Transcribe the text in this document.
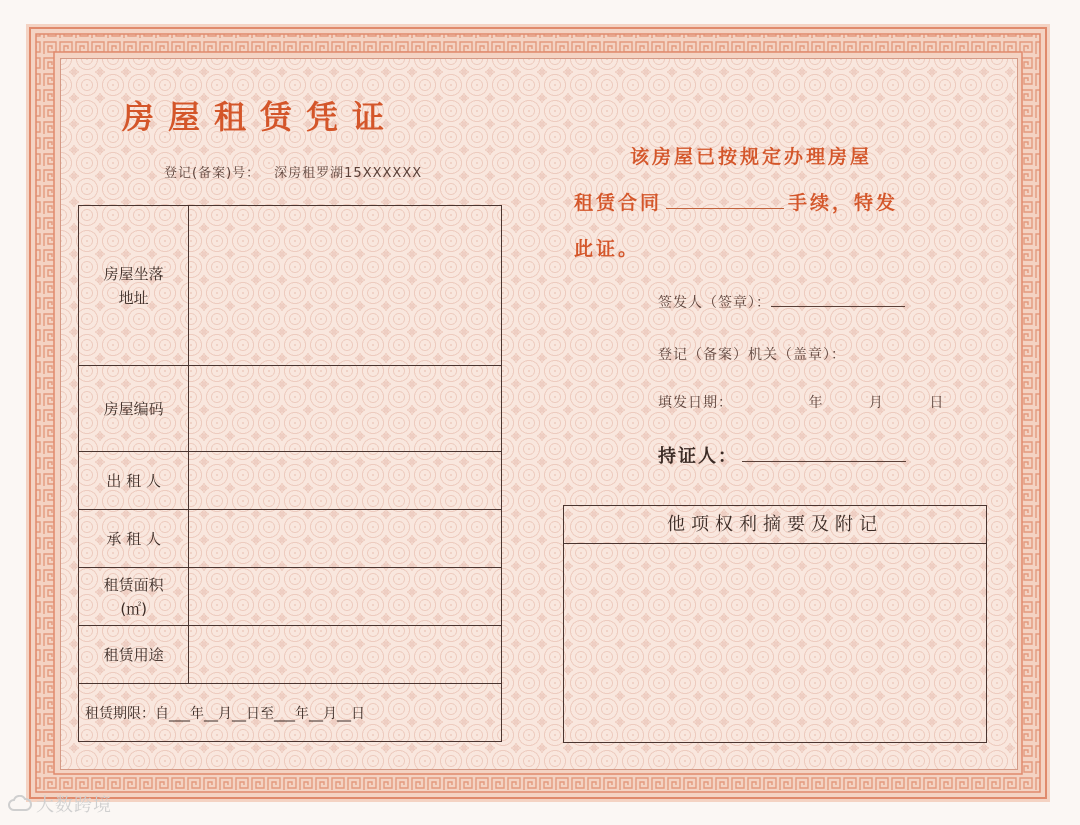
房屋租赁凭证
登记(备案)号： 深房租罗湖15XXXXXX
房屋坐落
地址	

房屋编码	
出 租 人	
承 租 人	

租赁面积
(㎡)	

租赁用途	
租赁期限：自___年__月__日至___年__月__日	
该房屋已按规定办理房屋
租赁合同	手续，特发
此证。
签发人（签章）：
登记（备案）机关（盖章）：
填发日期：	年	月	日
持证人：
他项权利摘要及附记
大数跨境
